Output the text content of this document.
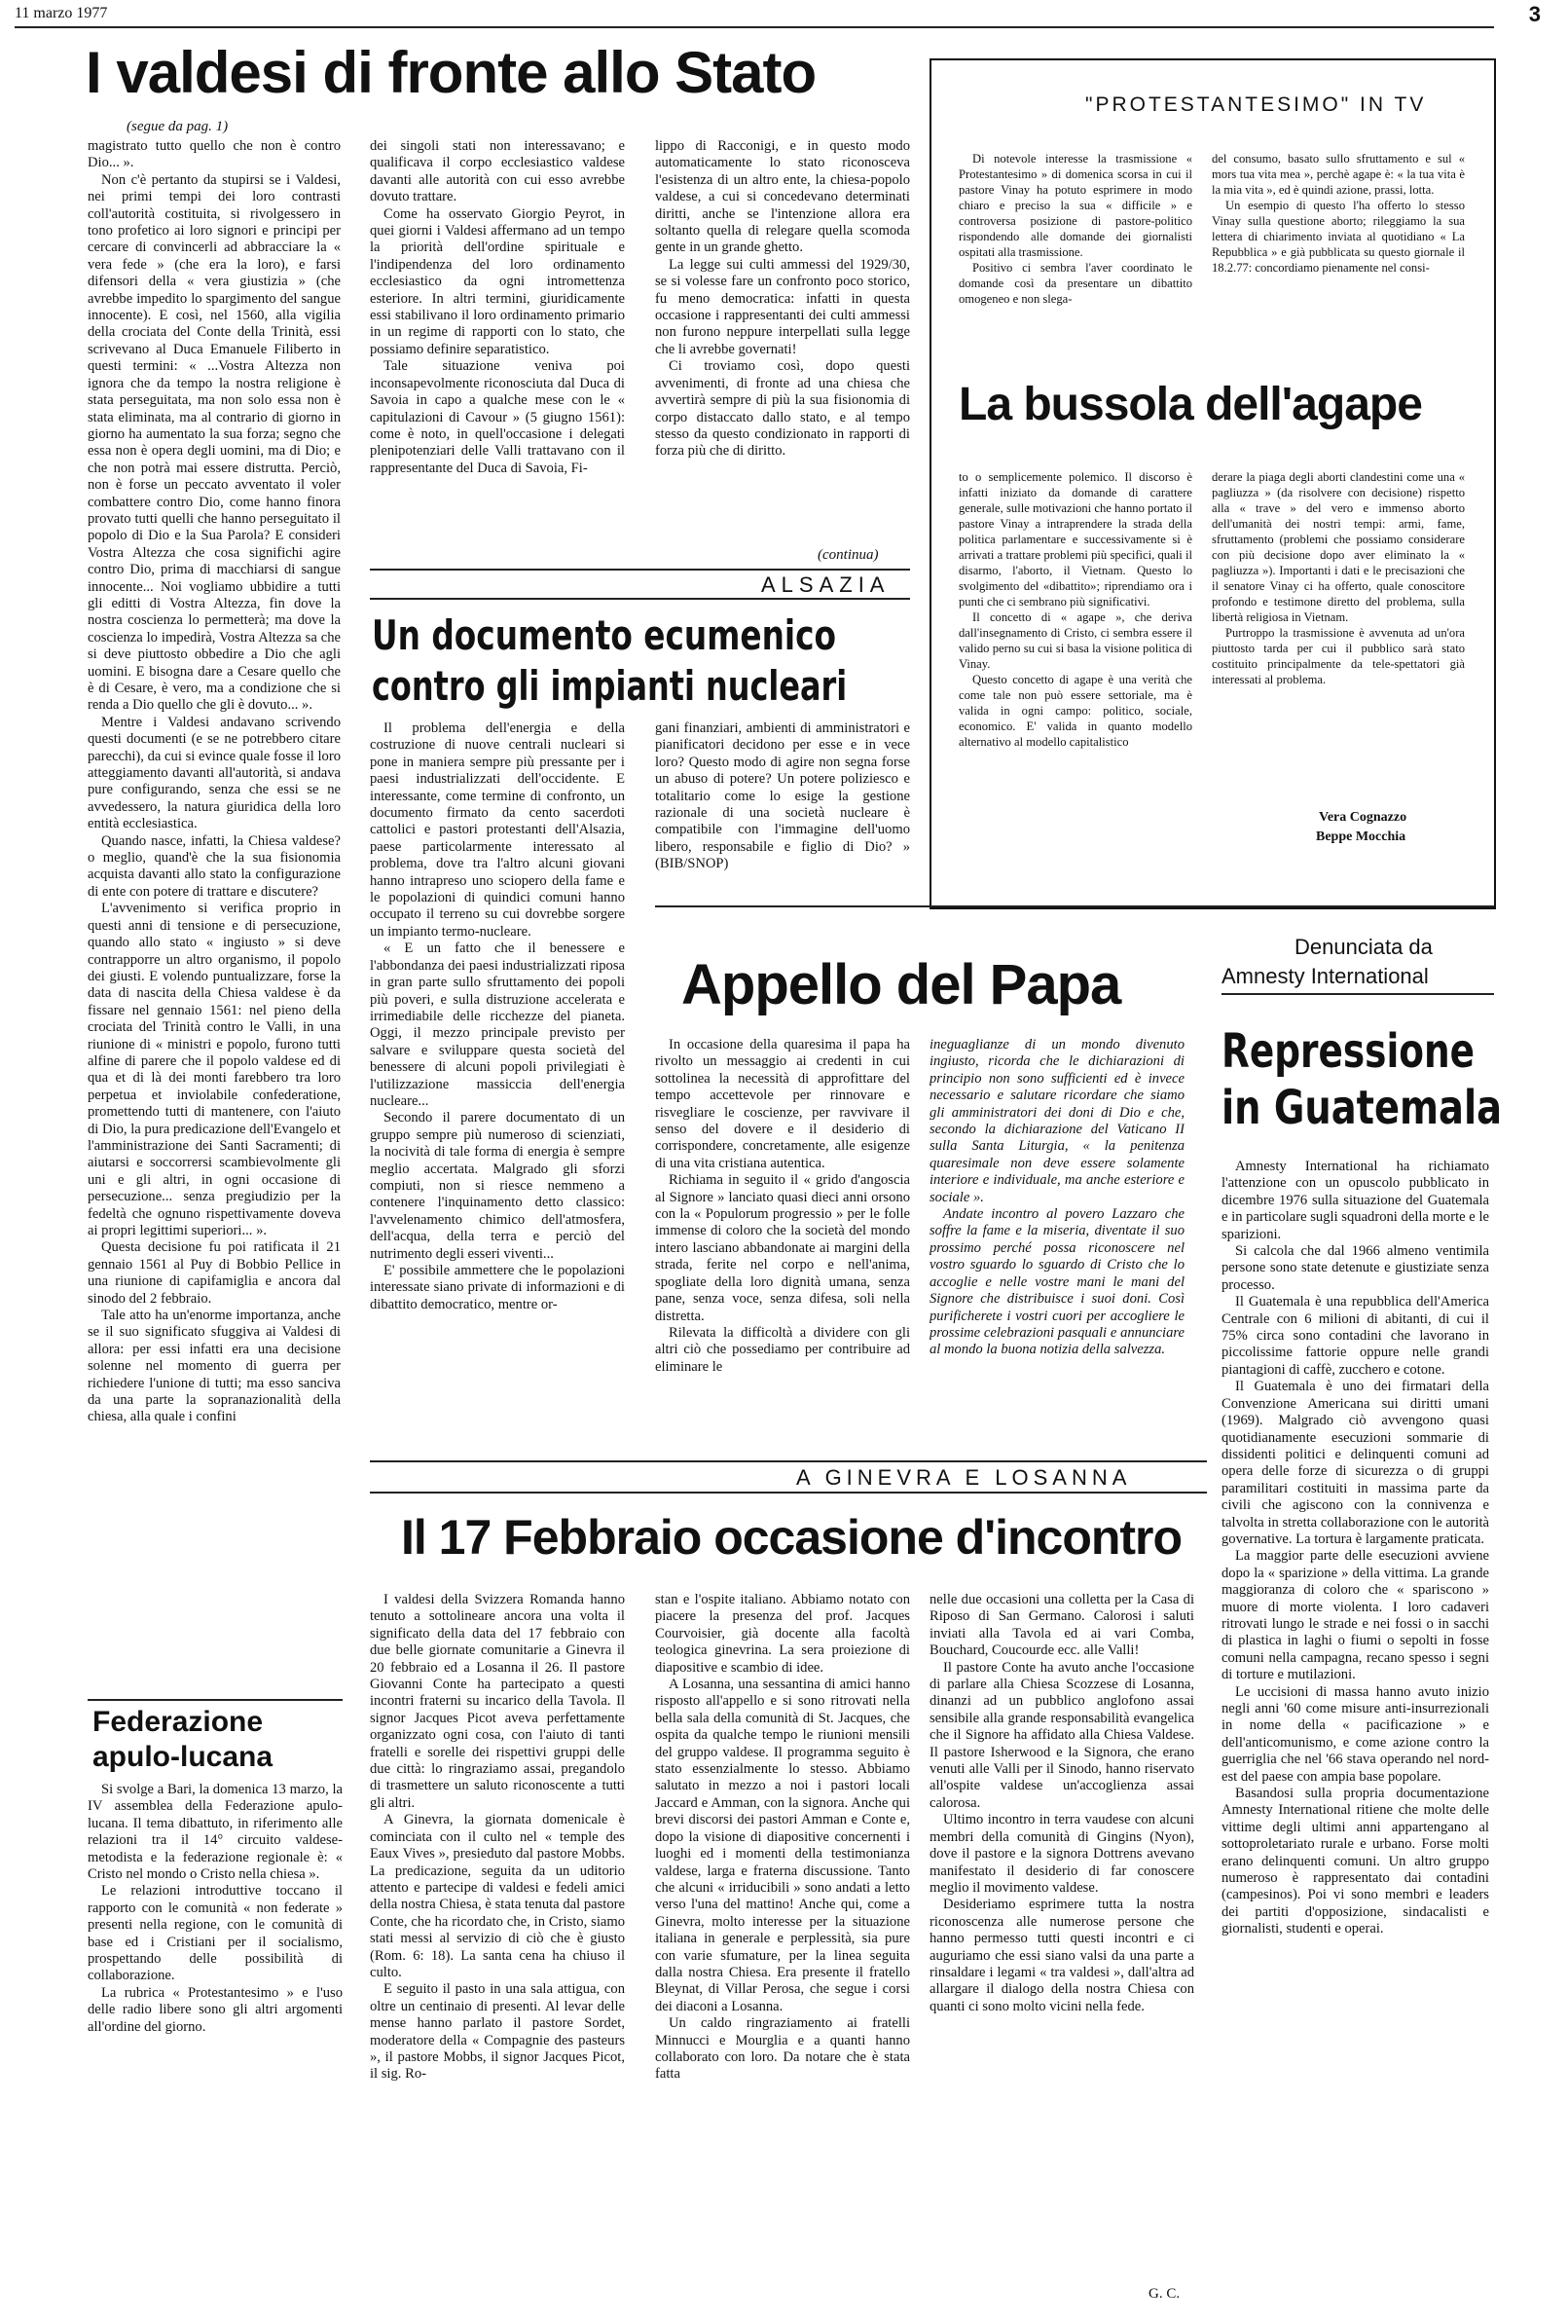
11 marzo 1977	3
I valdesi di fronte allo Stato
(segue da pag. 1)

magistrato tutto quello che non è contro Dio... ».

Non c'è pertanto da stupirsi se i Valdesi, nei primi tempi dei loro contrasti coll'autorità costituita, si rivolgessero in tono profetico ai loro signori e principi per cercare di convincerli ad abbracciare la « vera fede » (che era la loro), e farsi difensori della « vera giustizia » (che avrebbe impedito lo spargimento del sangue innocente). E così, nel 1560, alla vigilia della crociata del Conte della Trinità, essi scrivevano al Duca Emanuele Filiberto in questi termini: « ...Vostra Altezza non ignora che da tempo la nostra religione è stata perseguitata, ma non solo essa non è stata eliminata, ma al contrario di giorno in giorno ha aumentato la sua forza; segno che essa non è opera degli uomini, ma di Dio; e che non potrà mai essere distrutta. Perciò, non è forse un peccato avventato il voler combattere contro Dio, come hanno finora provato tutti quelli che hanno perseguitato il popolo di Dio e la Sua Parola? E consideri Vostra Altezza che cosa significhi agire contro Dio, prima di macchiarsi di sangue innocente... Noi vogliamo ubbidire a tutti gli editti di Vostra Altezza, fin dove la nostra coscienza lo permetterà; ma dove la coscienza lo impedirà, Vostra Altezza sa che si deve piuttosto obbedire a Dio che agli uomini. E bisogna dare a Cesare quello che è di Cesare, è vero, ma a condizione che si renda a Dio quello che gli è dovuto... ».

Mentre i Valdesi andavano scrivendo questi documenti (e se ne potrebbero citare parecchi), da cui si evince quale fosse il loro atteggiamento davanti all'autorità, si andava pure configurando, senza che essi se ne avvedessero, la natura giuridica della loro entità ecclesiastica.

Quando nasce, infatti, la Chiesa valdese? o meglio, quand'è che la sua fisionomia acquista davanti allo stato la configurazione di ente con potere di trattare e discutere?

L'avvenimento si verifica proprio in questi anni di tensione e di persecuzione, quando allo stato « ingiusto » si deve contrapporre un altro organismo, il popolo dei giusti. E volendo puntualizzare, forse la data di nascita della Chiesa valdese è da fissare nel gennaio 1561: nel pieno della crociata del Trinità contro le Valli, in una riunione di « ministri e popolo, furono tutti alfine di parere che il popolo valdese ed di qua et di là dei monti farebbero tra loro perpetua et inviolabile confederatione, promettendo tutti di mantenere, con l'aiuto di Dio, la pura predicazione dell'Evangelo et l'amministrazione dei Santi Sacramenti; di aiutarsi e soccorrersi scambievolmente gli uni e gli altri, in ogni occasione di persecuzione... senza pregiudizio per la fedeltà che ognuno rispettivamente doveva ai propri legittimi superiori... ».

Questa decisione fu poi ratificata il 21 gennaio 1561 al Puy di Bobbio Pellice in una riunione di capifamiglia e ancora dal sinodo del 2 febbraio.

Tale atto ha un'enorme importanza, anche se il suo significato sfuggiva ai Valdesi di allora: per essi infatti era una decisione solenne nel momento di guerra per richiedere l'unione di tutti; ma esso sanciva da una parte la sopranazionalità della chiesa, alla quale i confini

dei singoli stati non interessavano; e qualificava il corpo ecclesiastico valdese davanti alle autorità con cui esso avrebbe dovuto trattare.

Come ha osservato Giorgio Peyrot, in quei giorni i Valdesi affermano ad un tempo la priorità dell'ordine spirituale e l'indipendenza del loro ordinamento ecclesiastico da ogni intromettenza esteriore. In altri termini, giuridicamente essi stabilivano il loro ordinamento primario in un regime di rapporti con lo stato, che possiamo definire separatistico.

Tale situazione veniva poi inconsapevolmente riconosciuta dal Duca di Savoia in capo a qualche mese con le « capitulazioni di Cavour » (5 giugno 1561): come è noto, in quell'occasione i delegati plenipotenziari delle Valli trattavano con il rappresentante del Duca di Savoia, Fi-

lippo di Racconigi, e in questo modo automaticamente lo stato riconosceva l'esistenza di un altro ente, la chiesa-popolo valdese, a cui si concedevano determinati diritti, anche se l'intenzione allora era soltanto quella di relegare quella scomoda gente in un grande ghetto.

La legge sui culti ammessi del 1929/30, se si volesse fare un confronto poco storico, fu meno democratica: infatti in questa occasione i rappresentanti dei culti ammessi non furono neppure interpellati sulla legge che li avrebbe governati!

Ci troviamo così, dopo questi avvenimenti, di fronte ad una chiesa che avvertirà sempre di più la sua fisionomia di corpo distaccato dallo stato, e al tempo stesso da questo condizionato in rapporti di forza più che di diritto.

(continua)
ALSAZIA
Un documento ecumenico
contro gli impianti nucleari

Il problema dell'energia e della costruzione di nuove centrali nucleari si pone in maniera sempre più pressante per i paesi industrializzati dell'occidente. E interessante, come termine di confronto, un documento firmato da cento sacerdoti cattolici e pastori protestanti dell'Alsazia, paese particolarmente interessato al problema, dove tra l'altro alcuni giovani hanno intrapreso uno sciopero della fame e le popolazioni di quindici comuni hanno occupato il terreno su cui dovrebbe sorgere un impianto termo-nucleare.

« E un fatto che il benessere e l'abbondanza dei paesi industrializzati riposa in gran parte sullo sfruttamento dei popoli più poveri, e sulla distruzione accelerata e irrimediabile delle ricchezze del pianeta. Oggi, il mezzo principale previsto per salvare e sviluppare questa società del benessere di alcuni popoli privilegiati è l'utilizzazione massiccia dell'energia nucleare...

Secondo il parere documentato di un gruppo sempre più numeroso di scienziati, la nocività di tale forma di energia è sempre meglio accertata. Malgrado gli sforzi compiuti, non si riesce nemmeno a contenere l'inquinamento detto classico: l'avvelenamento chimico dell'atmosfera, dell'acqua, della terra e perciò del nutrimento degli esseri viventi...

E' possibile ammettere che le popolazioni interessate siano private di informazioni e di dibattito democratico, mentre or-

gani finanziari, ambienti di amministratori e pianificatori decidono per esse e in vece loro? Questo modo di agire non segna forse un abuso di potere? Un potere poliziesco e totalitario come lo esige la gestione razionale di una società nucleare è compatibile con l'immagine dell'uomo libero, responsabile e figlio di Dio? » (BIB/SNOP)

"PROTESTANTESIMO" IN TV

Di notevole interesse la trasmissione « Protestantesimo » di domenica scorsa in cui il pastore Vinay ha potuto esprimere in modo chiaro e preciso la sua « difficile » e controversa posizione di pastore-politico rispondendo alle domande dei giornalisti ospitati alla trasmissione.

Positivo ci sembra l'aver coordinato le domande così da presentare un dibattito omogeneo e non slega-

del consumo, basato sullo sfruttamento e sul « mors tua vita mea », perchè agape è: « la tua vita è la mia vita », ed è quindi azione, prassi, lotta.

Un esempio di questo l'ha offerto lo stesso Vinay sulla questione aborto; rileggiamo la sua lettera di chiarimento inviata al quotidiano « La Repubblica » e già pubblicata su questo giornale il 18.2.77: concordiamo pienamente nel consi-

La bussola dell'agape

to o semplicemente polemico. Il discorso è infatti iniziato da domande di carattere generale, sulle motivazioni che hanno portato il pastore Vinay a intraprendere la strada della politica parlamentare e successivamente si è arrivati a trattare problemi più specifici, quali il disarmo, l'aborto, il Vietnam. Questo lo svolgimento del «dibattito»; riprendiamo ora i punti che ci sembrano più significativi.

Il concetto di « agape », che deriva dall'insegnamento di Cristo, ci sembra essere il valido perno su cui si basa la visione politica di Vinay.

Questo concetto di agape è una verità che come tale non può essere settoriale, ma è valida in ogni campo: politico, sociale, economico. E' valida in quanto modello alternativo al modello capitalistico

derare la piaga degli aborti clandestini come una « pagliuzza » (da risolvere con decisione) rispetto alla « trave » del vero e immenso aborto dell'umanità dei nostri tempi: armi, fame, sfruttamento (problemi che possiamo considerare con più decisione dopo aver eliminato la « pagliuzza »). Importanti i dati e le precisazioni che il senatore Vinay ci ha offerto, quale conoscitore profondo e testimone diretto del problema, sulla libertà religiosa in Vietnam.

Purtroppo la trasmissione è avvenuta ad un'ora piuttosto tarda per cui il pubblico sarà stato costituito principalmente da tele-spettatori già interessati al problema.

Vera Cognazzo
Beppe Mocchia
Appello del Papa

In occasione della quaresima il papa ha rivolto un messaggio ai credenti in cui sottolinea la necessità di approfittare del tempo accettevole per rinnovare e risvegliare le coscienze, per ravvivare il senso del dovere e il desiderio di corrispondere, concretamente, alle esigenze di una vita cristiana autentica.

Richiama in seguito il « grido d'angoscia al Signore » lanciato quasi dieci anni orsono con la « Populorum progressio » per le folle immense di coloro che la società del mondo intero lasciano abbandonate ai margini della strada, ferite nel corpo e nell'anima, spogliate della loro dignità umana, senza pane, senza voce, senza difesa, soli nella distretta.

Rilevata la difficoltà a dividere con gli altri ciò che possediamo per contribuire ad eliminare le

ineguaglianze di un mondo divenuto ingiusto, ricorda che le dichiarazioni di principio non sono sufficienti ed è invece necessario e salutare ricordare che siamo gli amministratori dei doni di Dio e che, secondo la dichiarazione del Vaticano II sulla Santa Liturgia, « la penitenza quaresimale non deve essere solamente interiore e individuale, ma anche esteriore e sociale ».

Andate incontro al povero Lazzaro che soffre la fame e la miseria, diventate il suo prossimo perché possa riconoscere nel vostro sguardo lo sguardo di Cristo che lo accoglie e nelle vostre mani le mani del Signore che distribuisce i suoi doni. Così purificherete i vostri cuori per accogliere le prossime celebrazioni pasquali e annunciare al mondo la buona notizia della salvezza.

Denunciata da
Amnesty International
Repressione
in Guatemala

Amnesty International ha richiamato l'attenzione con un opuscolo pubblicato in dicembre 1976 sulla situazione del Guatemala e in particolare sugli squadroni della morte e le sparizioni.

Si calcola che dal 1966 almeno ventimila persone sono state detenute e giustiziate senza processo.

Il Guatemala è una repubblica dell'America Centrale con 6 milioni di abitanti, di cui il 75% circa sono contadini che lavorano in piccolissime fattorie oppure nelle grandi piantagioni di caffè, zucchero e cotone.

Il Guatemala è uno dei firmatari della Convenzione Americana sui diritti umani (1969). Malgrado ciò avvengono quasi quotidianamente esecuzioni sommarie di dissidenti politici e delinquenti comuni ad opera delle forze di sicurezza o di gruppi paramilitari costituiti in massima parte da civili che agiscono con la connivenza e talvolta in stretta collaborazione con le autorità governative. La tortura è largamente praticata.

La maggior parte delle esecuzioni avviene dopo la « sparizione » della vittima. La grande maggioranza di coloro che « spariscono » muore di morte violenta. I loro cadaveri ritrovati lungo le strade e nei fossi o in sacchi di plastica in laghi o fiumi o sepolti in fosse comuni nella campagna, recano spesso i segni di torture e mutilazioni.

Le uccisioni di massa hanno avuto inizio negli anni '60 come misure anti-insurrezionali in nome della « pacificazione » e dell'anticomunismo, e come azione contro la guerriglia che nel '66 stava operando nel nord-est del paese con ampia base popolare.

Basandosi sulla propria documentazione Amnesty International ritiene che molte delle vittime degli ultimi anni appartengano al sottoproletariato rurale e urbano. Forse molti erano delinquenti comuni. Un altro gruppo numeroso è rappresentato dai contadini (campesinos). Poi vi sono membri e leaders dei partiti d'opposizione, sindacalisti e giornalisti, studenti e operai.

A GINEVRA E LOSANNA
Il 17 Febbraio occasione d'incontro

I valdesi della Svizzera Romanda hanno tenuto a sottolineare ancora una volta il significato della data del 17 febbraio con due belle giornate comunitarie a Ginevra il 20 febbraio ed a Losanna il 26. Il pastore Giovanni Conte ha partecipato a questi incontri fraterni su incarico della Tavola. Il signor Jacques Picot aveva perfettamente organizzato ogni cosa, con l'aiuto di tanti fratelli e sorelle dei rispettivi gruppi delle due città: lo ringraziamo assai, pregandolo di trasmettere un saluto riconoscente a tutti gli altri.

A Ginevra, la giornata domenicale è cominciata con il culto nel « temple des Eaux Vives », presieduto dal pastore Mobbs. La predicazione, seguita da un uditorio attento e partecipe di valdesi e fedeli amici della nostra Chiesa, è stata tenuta dal pastore Conte, che ha ricordato che, in Cristo, siamo stati messi al servizio di ciò che è giusto (Rom. 6: 18). La santa cena ha chiuso il culto.

E seguito il pasto in una sala attigua, con oltre un centinaio di presenti. Al levar delle mense hanno parlato il pastore Sordet, moderatore della « Compagnie des pasteurs », il pastore Mobbs, il signor Jacques Picot, il sig. Ro-

stan e l'ospite italiano. Abbiamo notato con piacere la presenza del prof. Jacques Courvoisier, già docente alla facoltà teologica ginevrina. La sera proiezione di diapositive e scambio di idee.

A Losanna, una sessantina di amici hanno risposto all'appello e si sono ritrovati nella bella sala della comunità di St. Jacques, che ospita da qualche tempo le riunioni mensili del gruppo valdese. Il programma seguito è stato essenzialmente lo stesso. Abbiamo salutato in mezzo a noi i pastori locali Jaccard e Amman, con la signora. Anche qui brevi discorsi dei pastori Amman e Conte e, dopo la visione di diapositive concernenti i luoghi ed i momenti della testimonianza valdese, larga e fraterna discussione. Tanto che alcuni « irriducibili » sono andati a letto verso l'una del mattino! Anche qui, come a Ginevra, molto interesse per la situazione italiana in generale e perplessità, sia pure con varie sfumature, per la linea seguita dalla nostra Chiesa. Era presente il fratello Bleynat, di Villar Perosa, che segue i corsi dei diaconi a Losanna.

Un caldo ringraziamento ai fratelli Minnucci e Mourglia e a quanti hanno collaborato con loro. Da notare che è stata fatta

nelle due occasioni una colletta per la Casa di Riposo di San Germano. Calorosi i saluti inviati alla Tavola ed ai vari Comba, Bouchard, Coucourde ecc. alle Valli!

Il pastore Conte ha avuto anche l'occasione di parlare alla Chiesa Scozzese di Losanna, dinanzi ad un pubblico anglofono assai sensibile alla grande responsabilità evangelica che il Signore ha affidato alla Chiesa Valdese. Il pastore Isherwood e la Signora, che erano venuti alle Valli per il Sinodo, hanno riservato all'ospite valdese un'accoglienza assai calorosa.

Ultimo incontro in terra vaudese con alcuni membri della comunità di Gingins (Nyon), dove il pastore e la signora Dottrens avevano manifestato il desiderio di far conoscere meglio il movimento valdese.

Desideriamo esprimere tutta la nostra riconoscenza alle numerose persone che hanno permesso tutti questi incontri e ci auguriamo che essi siano valsi da una parte a rinsaldare i legami « tra valdesi », dall'altra ad allargare il dialogo della nostra Chiesa con quanti ci sono molto vicini nella fede.

G. C.
Federazione
apulo-lucana

Si svolge a Bari, la domenica 13 marzo, la IV assemblea della Federazione apulo-lucana. Il tema dibattuto, in riferimento alle relazioni tra il 14° circuito valdese-metodista e la federazione regionale è: « Cristo nel mondo o Cristo nella chiesa ».

Le relazioni introduttive toccano il rapporto con le comunità « non federate » presenti nella regione, con le comunità di base ed i Cristiani per il socialismo, prospettando delle possibilità di collaborazione.

La rubrica « Protestantesimo » e l'uso delle radio libere sono gli altri argomenti all'ordine del giorno.
